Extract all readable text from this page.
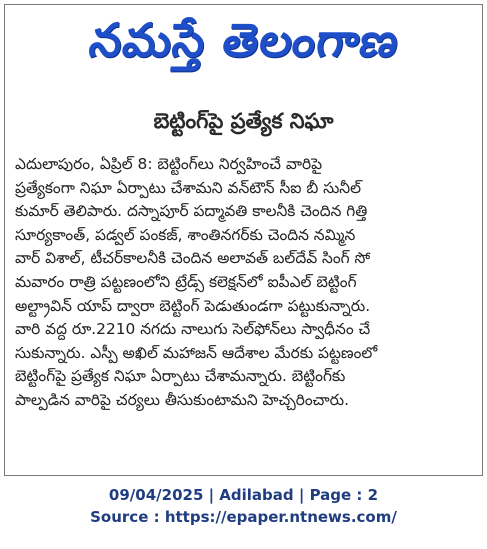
నమస్తే తెలంగాణ
బెట్టింగ్‌పై ప్రత్యేక నిఘా
ఎదులాపురం, ఏప్రిల్ 8: బెట్టింగ్‌లు నిర్వహించే వారిపై
ప్రత్యేకంగా నిఘా ఏర్పాటు చేశామని వన్‌టౌన్ సీఐ బీ సునీల్
కుమార్ తెలిపారు. దస్నాపూర్ పద్మావతి కాలనీకి చెందిన గిత్తి
సూర్యకాంత్, పడ్వల్ పంకజ్, శాంతినగర్‌కు చెందిన నమ్మిన
వార్ విశాల్, టీచర్‌కాలనీకి చెందిన అలావత్ బల్‌దేవ్ సింగ్ సో
మవారం రాత్రి పట్టణంలోని ట్రేడ్స్ కలెక్షన్‌లో ఐపీఎల్ బెట్టింగ్
అల్ట్రావిన్ యాప్ ద్వారా బెట్టింగ్ పెడుతుండగా పట్టుకున్నారు.
వారి వద్ద రూ.2210 నగదు నాలుగు సెల్‌ఫోన్‌లు స్వాధీనం చే
సుకున్నారు. ఎస్పీ అఖిల్ మహాజన్ ఆదేశాల మేరకు పట్టణంలో
బెట్టింగ్‌పై ప్రత్యేక నిఘా ఏర్పాటు చేశామన్నారు. బెట్టింగ్‌కు
పాల్పడిన వారిపై చర్యలు తీసుకుంటామని హెచ్చరించారు.
09/04/2025 | Adilabad | Page : 2
Source : https://epaper.ntnews.com/
